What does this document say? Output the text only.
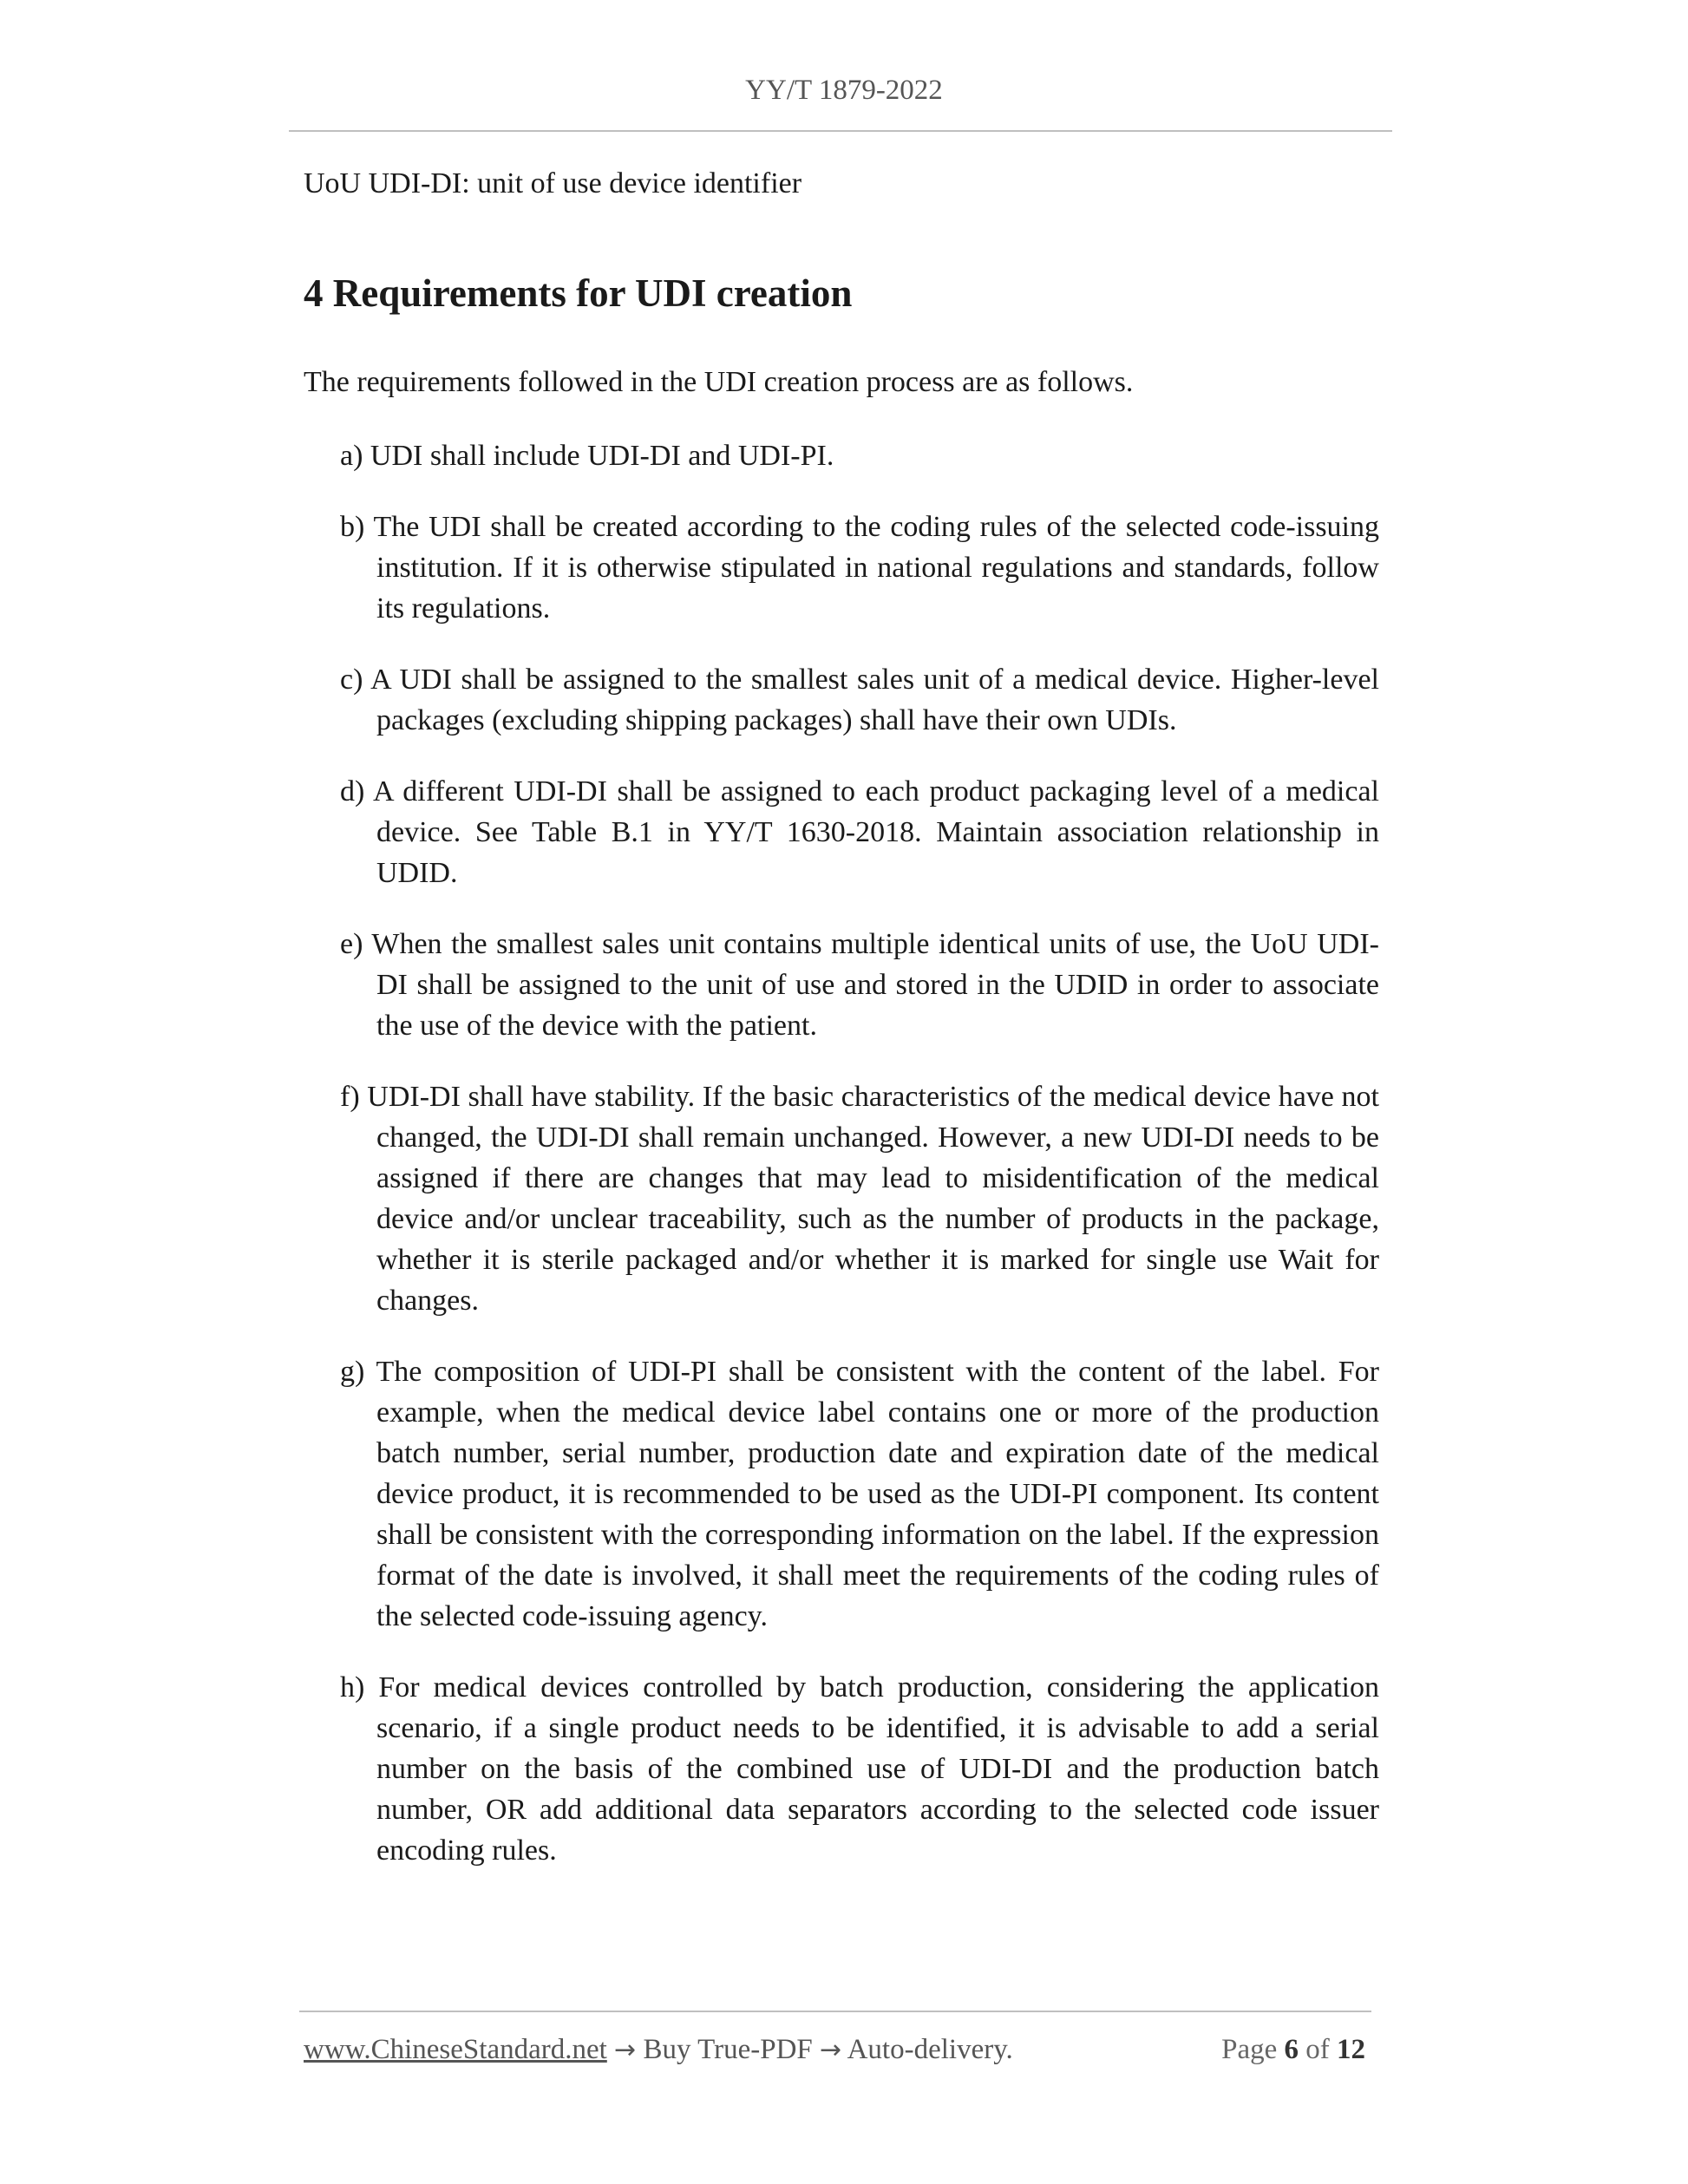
YY/T 1879-2022
UoU UDI-DI: unit of use device identifier
4 Requirements for UDI creation
The requirements followed in the UDI creation process are as follows.
a) UDI shall include UDI-DI and UDI-PI.
b) The UDI shall be created according to the coding rules of the selected code-issuing institution. If it is otherwise stipulated in national regulations and standards, follow its regulations.
c) A UDI shall be assigned to the smallest sales unit of a medical device. Higher-level packages (excluding shipping packages) shall have their own UDIs.
d) A different UDI-DI shall be assigned to each product packaging level of a medical device. See Table B.1 in YY/T 1630-2018. Maintain association relationship in UDID.
e) When the smallest sales unit contains multiple identical units of use, the UoU UDI-DI shall be assigned to the unit of use and stored in the UDID in order to associate the use of the device with the patient.
f) UDI-DI shall have stability. If the basic characteristics of the medical device have not changed, the UDI-DI shall remain unchanged. However, a new UDI-DI needs to be assigned if there are changes that may lead to misidentification of the medical device and/or unclear traceability, such as the number of products in the package, whether it is sterile packaged and/or whether it is marked for single use Wait for changes.
g) The composition of UDI-PI shall be consistent with the content of the label. For example, when the medical device label contains one or more of the production batch number, serial number, production date and expiration date of the medical device product, it is recommended to be used as the UDI-PI component. Its content shall be consistent with the corresponding information on the label. If the expression format of the date is involved, it shall meet the requirements of the coding rules of the selected code-issuing agency.
h) For medical devices controlled by batch production, considering the application scenario, if a single product needs to be identified, it is advisable to add a serial number on the basis of the combined use of UDI-DI and the production batch number, OR add additional data separators according to the selected code issuer encoding rules.
www.ChineseStandard.net → Buy True-PDF → Auto-delivery.	Page 6 of 12
